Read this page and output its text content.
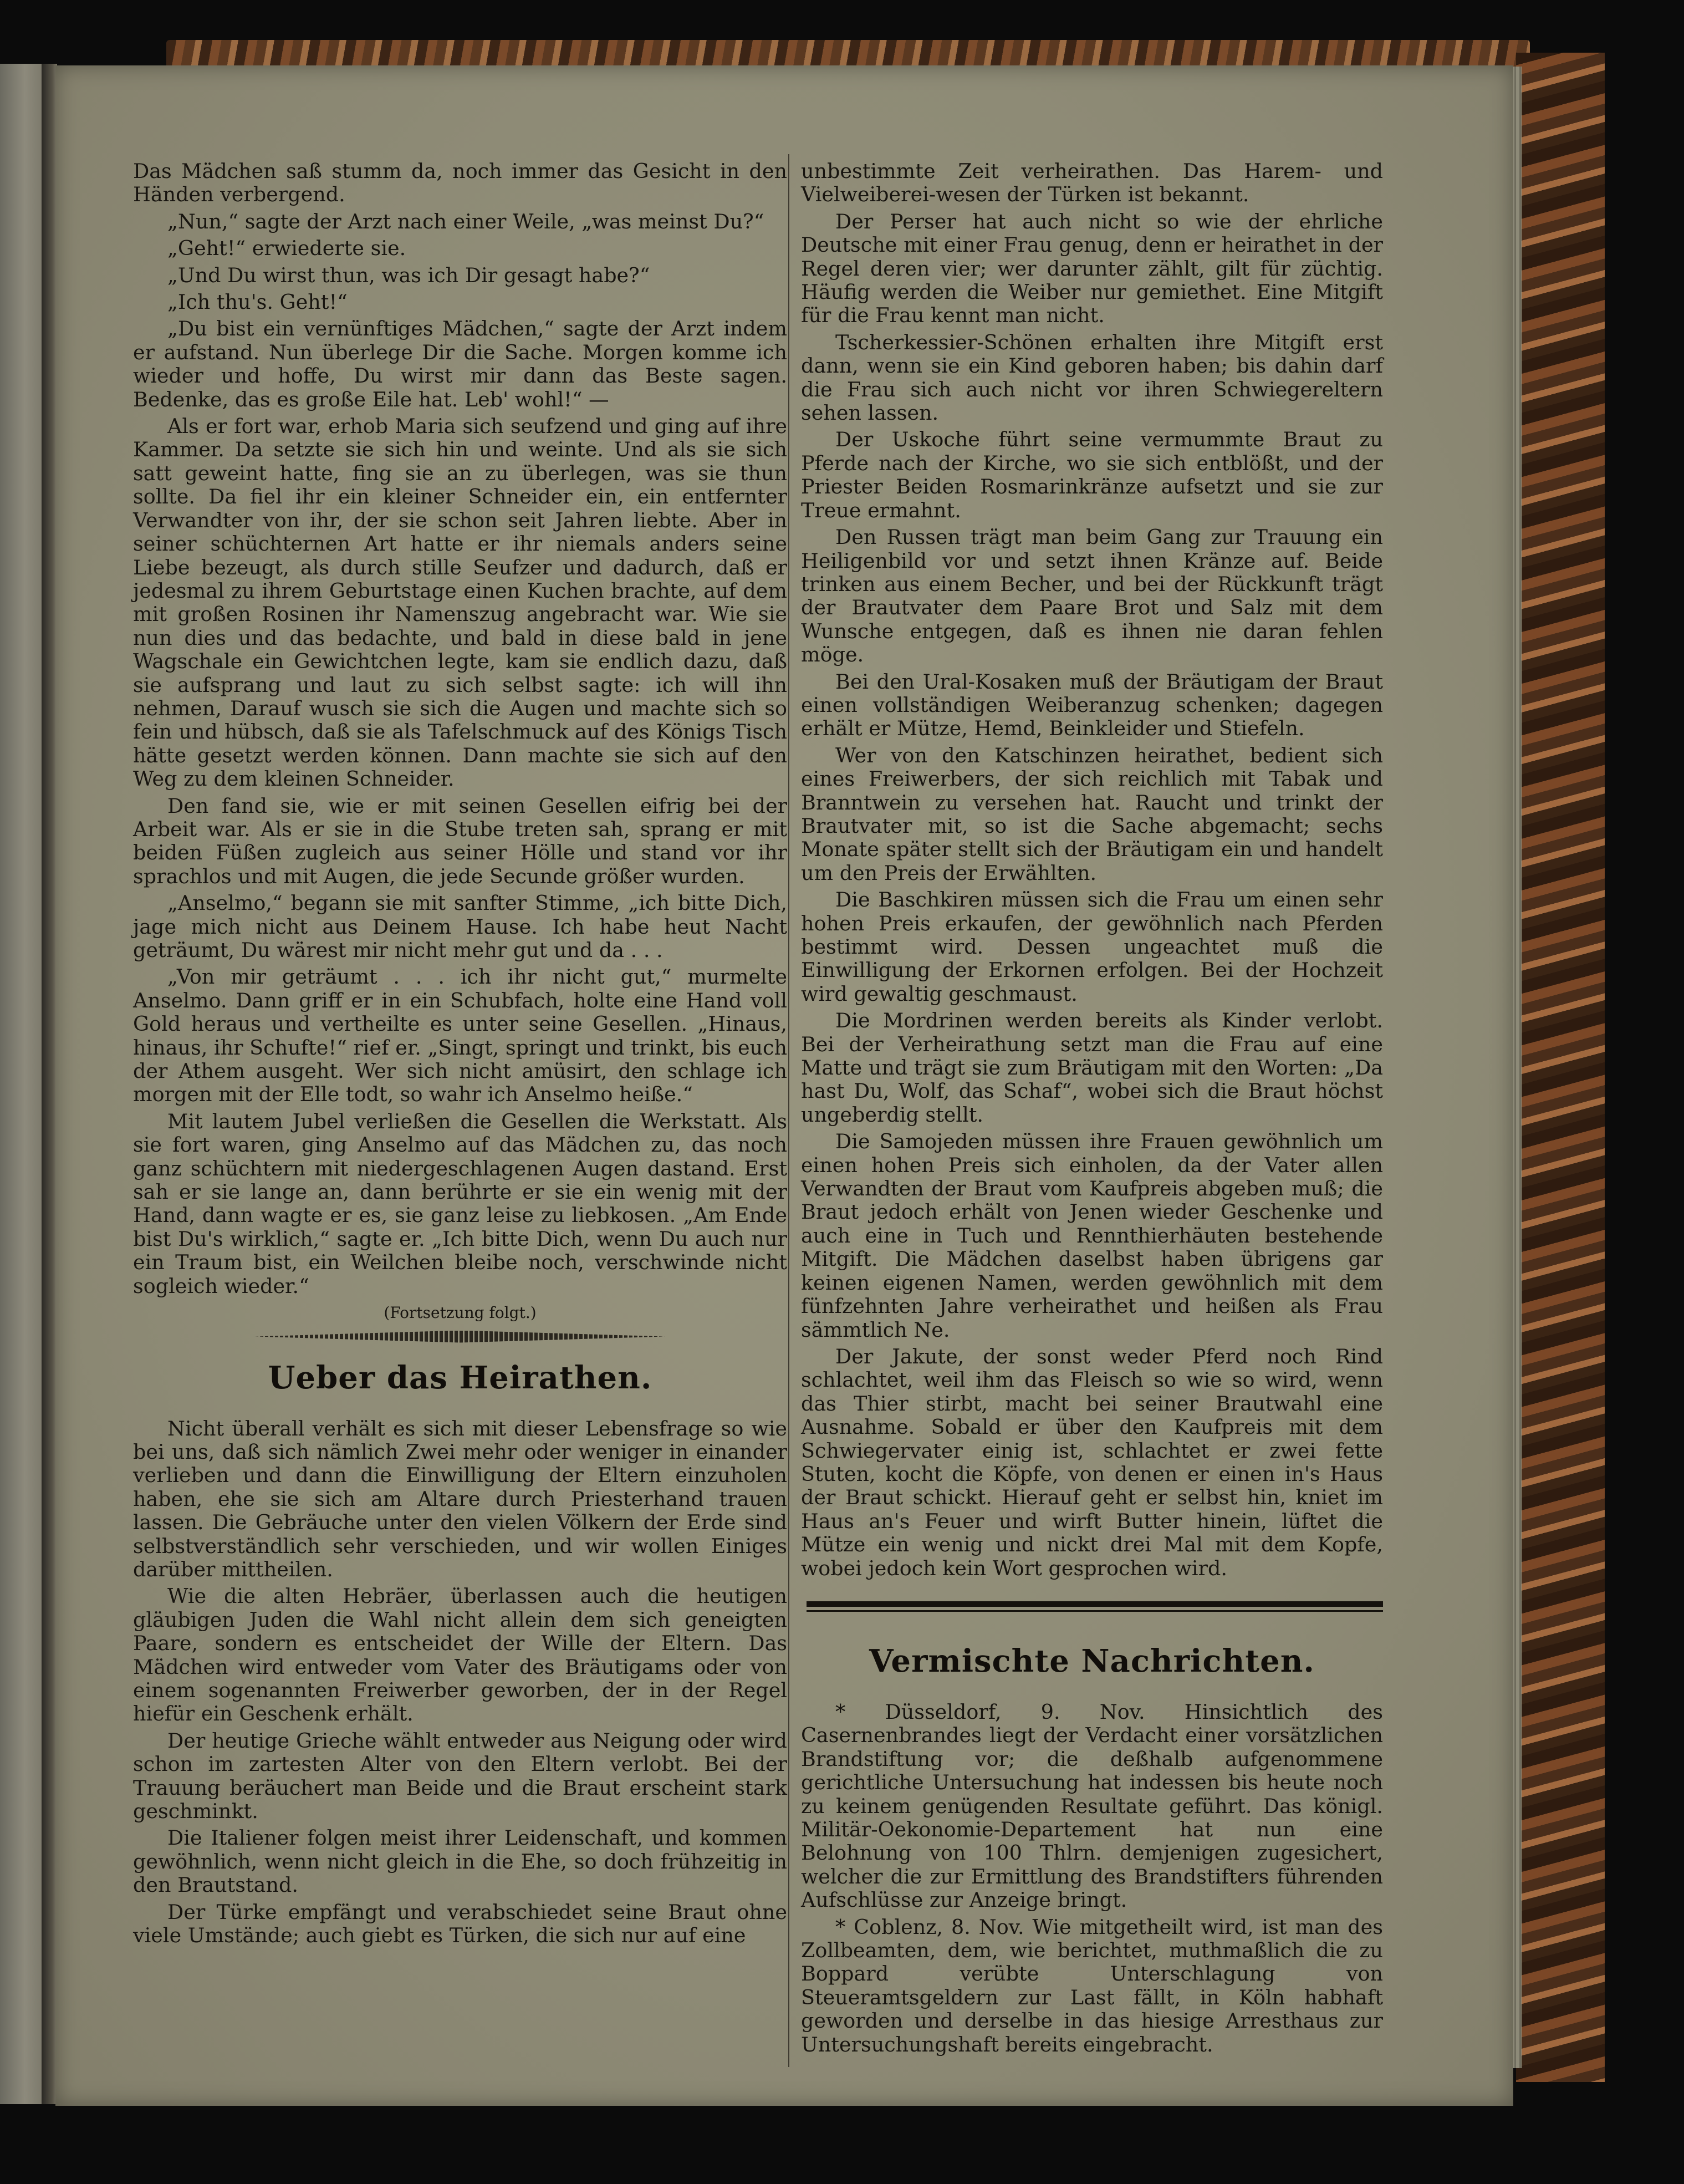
Das Mädchen saß stumm da, noch immer das Gesicht in den Händen verbergend.

„Nun,“ sagte der Arzt nach einer Weile, „was meinst Du?“

„Geht!“ erwiederte sie.

„Und Du wirst thun, was ich Dir gesagt habe?“

„Ich thu's. Geht!“

„Du bist ein vernünftiges Mädchen,“ sagte der Arzt indem er aufstand. Nun überlege Dir die Sache. Morgen komme ich wieder und hoffe, Du wirst mir dann das Beste sagen. Bedenke, das es große Eile hat. Leb' wohl!“ —

Als er fort war, erhob Maria sich seufzend und ging auf ihre Kammer. Da setzte sie sich hin und weinte. Und als sie sich satt geweint hatte, fing sie an zu überlegen, was sie thun sollte. Da fiel ihr ein kleiner Schneider ein, ein entfernter Verwandter von ihr, der sie schon seit Jahren liebte. Aber in seiner schüchternen Art hatte er ihr niemals anders seine Liebe bezeugt, als durch stille Seufzer und dadurch, daß er jedesmal zu ihrem Geburtstage einen Kuchen brachte, auf dem mit großen Rosinen ihr Namenszug angebracht war. Wie sie nun dies und das bedachte, und bald in diese bald in jene Wagschale ein Gewichtchen legte, kam sie endlich dazu, daß sie aufsprang und laut zu sich selbst sagte: ich will ihn nehmen, Darauf wusch sie sich die Augen und machte sich so fein und hübsch, daß sie als Tafelschmuck auf des Königs Tisch hätte gesetzt werden können. Dann machte sie sich auf den Weg zu dem kleinen Schneider.

Den fand sie, wie er mit seinen Gesellen eifrig bei der Arbeit war. Als er sie in die Stube treten sah, sprang er mit beiden Füßen zugleich aus seiner Hölle und stand vor ihr sprachlos und mit Augen, die jede Secunde größer wurden.

„Anselmo,“ begann sie mit sanfter Stimme, „ich bitte Dich, jage mich nicht aus Deinem Hause. Ich habe heut Nacht geträumt, Du wärest mir nicht mehr gut und da . . .

„Von mir geträumt . . . ich ihr nicht gut,“ murmelte Anselmo. Dann griff er in ein Schubfach, holte eine Hand voll Gold heraus und vertheilte es unter seine Gesellen. „Hinaus, hinaus, ihr Schufte!“ rief er. „Singt, springt und trinkt, bis euch der Athem ausgeht. Wer sich nicht amüsirt, den schlage ich morgen mit der Elle todt, so wahr ich Anselmo heiße.“

Mit lautem Jubel verließen die Gesellen die Werkstatt. Als sie fort waren, ging Anselmo auf das Mädchen zu, das noch ganz schüchtern mit niedergeschlagenen Augen dastand. Erst sah er sie lange an, dann berührte er sie ein wenig mit der Hand, dann wagte er es, sie ganz leise zu liebkosen. „Am Ende bist Du's wirklich,“ sagte er. „Ich bitte Dich, wenn Du auch nur ein Traum bist, ein Weilchen bleibe noch, verschwinde nicht sogleich wieder.“

(Fortsetzung folgt.)

Ueber das Heirathen.

Nicht überall verhält es sich mit dieser Lebensfrage so wie bei uns, daß sich nämlich Zwei mehr oder weniger in einander verlieben und dann die Einwilligung der Eltern einzuholen haben, ehe sie sich am Altare durch Priesterhand trauen lassen. Die Gebräuche unter den vielen Völkern der Erde sind selbstverständlich sehr verschieden, und wir wollen Einiges darüber mittheilen.

Wie die alten Hebräer, überlassen auch die heutigen gläubigen Juden die Wahl nicht allein dem sich geneigten Paare, sondern es entscheidet der Wille der Eltern. Das Mädchen wird entweder vom Vater des Bräutigams oder von einem sogenannten Freiwerber geworben, der in der Regel hiefür ein Geschenk erhält.

Der heutige Grieche wählt entweder aus Neigung oder wird schon im zartesten Alter von den Eltern verlobt. Bei der Trauung beräuchert man Beide und die Braut erscheint stark geschminkt.

Die Italiener folgen meist ihrer Leidenschaft, und kommen gewöhnlich, wenn nicht gleich in die Ehe, so doch frühzeitig in den Brautstand.

Der Türke empfängt und verabschiedet seine Braut ohne viele Umstände; auch giebt es Türken, die sich nur auf eine

unbestimmte Zeit verheirathen. Das Harem- und Vielweiberei-wesen der Türken ist bekannt.

Der Perser hat auch nicht so wie der ehrliche Deutsche mit einer Frau genug, denn er heirathet in der Regel deren vier; wer darunter zählt, gilt für züchtig. Häufig werden die Weiber nur gemiethet. Eine Mitgift für die Frau kennt man nicht.

Tscherkessier-Schönen erhalten ihre Mitgift erst dann, wenn sie ein Kind geboren haben; bis dahin darf die Frau sich auch nicht vor ihren Schwiegereltern sehen lassen.

Der Uskoche führt seine vermummte Braut zu Pferde nach der Kirche, wo sie sich entblößt, und der Priester Beiden Rosmarinkränze aufsetzt und sie zur Treue ermahnt.

Den Russen trägt man beim Gang zur Trauung ein Heiligenbild vor und setzt ihnen Kränze auf. Beide trinken aus einem Becher, und bei der Rückkunft trägt der Brautvater dem Paare Brot und Salz mit dem Wunsche entgegen, daß es ihnen nie daran fehlen möge.

Bei den Ural-Kosaken muß der Bräutigam der Braut einen vollständigen Weiberanzug schenken; dagegen erhält er Mütze, Hemd, Beinkleider und Stiefeln.

Wer von den Katschinzen heirathet, bedient sich eines Freiwerbers, der sich reichlich mit Tabak und Branntwein zu versehen hat. Raucht und trinkt der Brautvater mit, so ist die Sache abgemacht; sechs Monate später stellt sich der Bräutigam ein und handelt um den Preis der Erwählten.

Die Baschkiren müssen sich die Frau um einen sehr hohen Preis erkaufen, der gewöhnlich nach Pferden bestimmt wird. Dessen ungeachtet muß die Einwilligung der Erkornen erfolgen. Bei der Hochzeit wird gewaltig geschmaust.

Die Mordrinen werden bereits als Kinder verlobt. Bei der Verheirathung setzt man die Frau auf eine Matte und trägt sie zum Bräutigam mit den Worten: „Da hast Du, Wolf, das Schaf“, wobei sich die Braut höchst ungeberdig stellt.

Die Samojeden müssen ihre Frauen gewöhnlich um einen hohen Preis sich einholen, da der Vater allen Verwandten der Braut vom Kaufpreis abgeben muß; die Braut jedoch erhält von Jenen wieder Geschenke und auch eine in Tuch und Rennthierhäuten bestehende Mitgift. Die Mädchen daselbst haben übrigens gar keinen eigenen Namen, werden gewöhnlich mit dem fünfzehnten Jahre verheirathet und heißen als Frau sämmtlich Ne.

Der Jakute, der sonst weder Pferd noch Rind schlachtet, weil ihm das Fleisch so wie so wird, wenn das Thier stirbt, macht bei seiner Brautwahl eine Ausnahme. Sobald er über den Kaufpreis mit dem Schwiegervater einig ist, schlachtet er zwei fette Stuten, kocht die Köpfe, von denen er einen in's Haus der Braut schickt. Hierauf geht er selbst hin, kniet im Haus an's Feuer und wirft Butter hinein, lüftet die Mütze ein wenig und nickt drei Mal mit dem Kopfe, wobei jedoch kein Wort gesprochen wird.

Vermischte Nachrichten.

* Düsseldorf, 9. Nov. Hinsichtlich des Casernenbrandes liegt der Verdacht einer vorsätzlichen Brandstiftung vor; die deßhalb aufgenommene gerichtliche Untersuchung hat indessen bis heute noch zu keinem genügenden Resultate geführt. Das königl. Militär-Oekonomie-Departement hat nun eine Belohnung von 100 Thlrn. demjenigen zugesichert, welcher die zur Ermittlung des Brandstifters führenden Aufschlüsse zur Anzeige bringt.

* Coblenz, 8. Nov. Wie mitgetheilt wird, ist man des Zollbeamten, dem, wie berichtet, muthmaßlich die zu Boppard verübte Unterschlagung von Steueramtsgeldern zur Last fällt, in Köln habhaft geworden und derselbe in das hiesige Arresthaus zur Untersuchungshaft bereits eingebracht.
